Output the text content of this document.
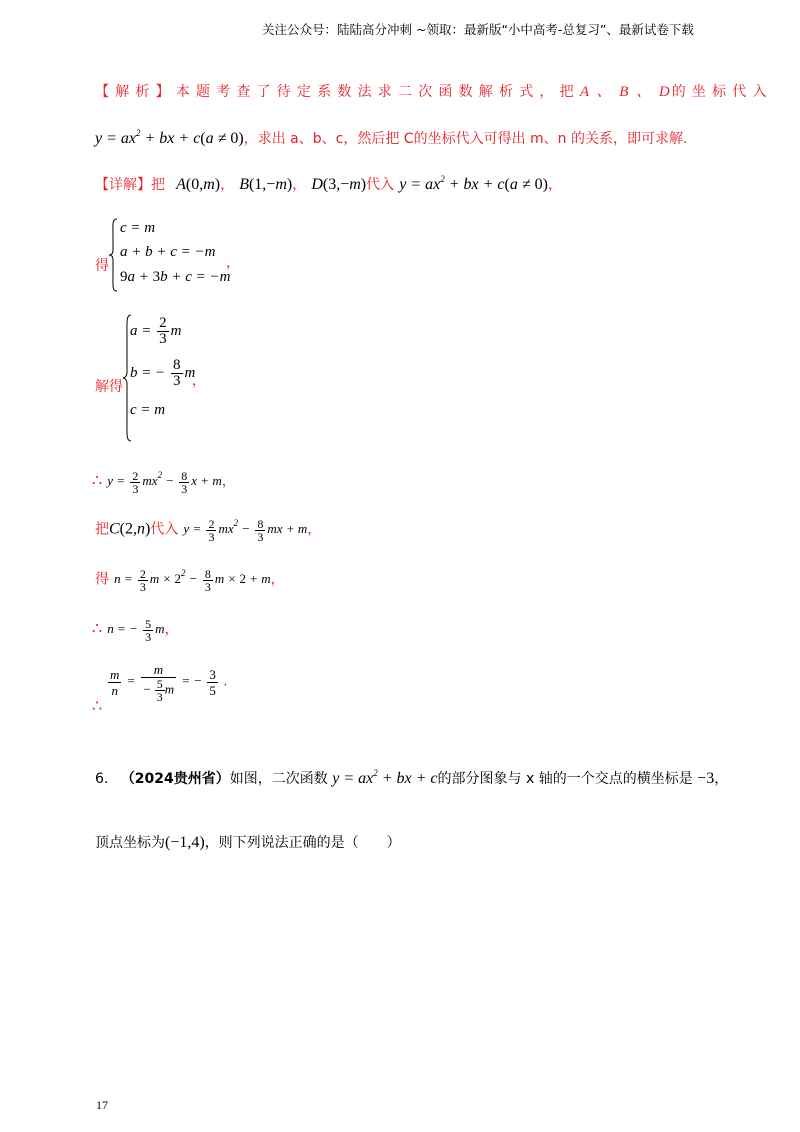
关注公众号：陆陆高分冲刺 ~领取：最新版“小中高考-总复习”、最新试卷下载
【解析】本题考查了待定系数法求二次函数解析式，把A 、 B 、 D的坐标代入
$y = ax^2$ + bx + c(a ≠ 0)，求出 a、b、c，然后把 C的坐标代入可得出 m、n 的关系，即可求解.
【详解】把 A(0,m)， B(1,−m)， D(3,−m)代入 $y = ax^2$ + bx + c(a ≠ 0)，
得
c = m
a + b + c = −m
9a + 3b + c = −m
，
解得
$a = \frac{2}{3}$ m
b = − $\frac{8}{3}$ m
c = m
，
∴ $y = \frac{2}{3} mx^2 - \frac{8}{3}$ x + m，
把C(2,n)代入 $y = \frac{2}{3} mx^2 - \frac{8}{3}$ mx + m，
得 $n = \frac{2}{3}$ $m \times 2^2 - \frac{8}{3}$ m × 2 + m，
∴ n = − $\frac{5}{3}$ m，
∴
$\frac{m}{n} = \frac{m}{- \frac{5}{3} m}$ = − $\frac{3}{5}$ .
6. （2024贵州省）如图，二次函数 $y = ax^2$ + bx + c的部分图象与 x 轴的一个交点的横坐标是 −3，
顶点坐标为(−1,4)，则下列说法正确的是（　　）
17
